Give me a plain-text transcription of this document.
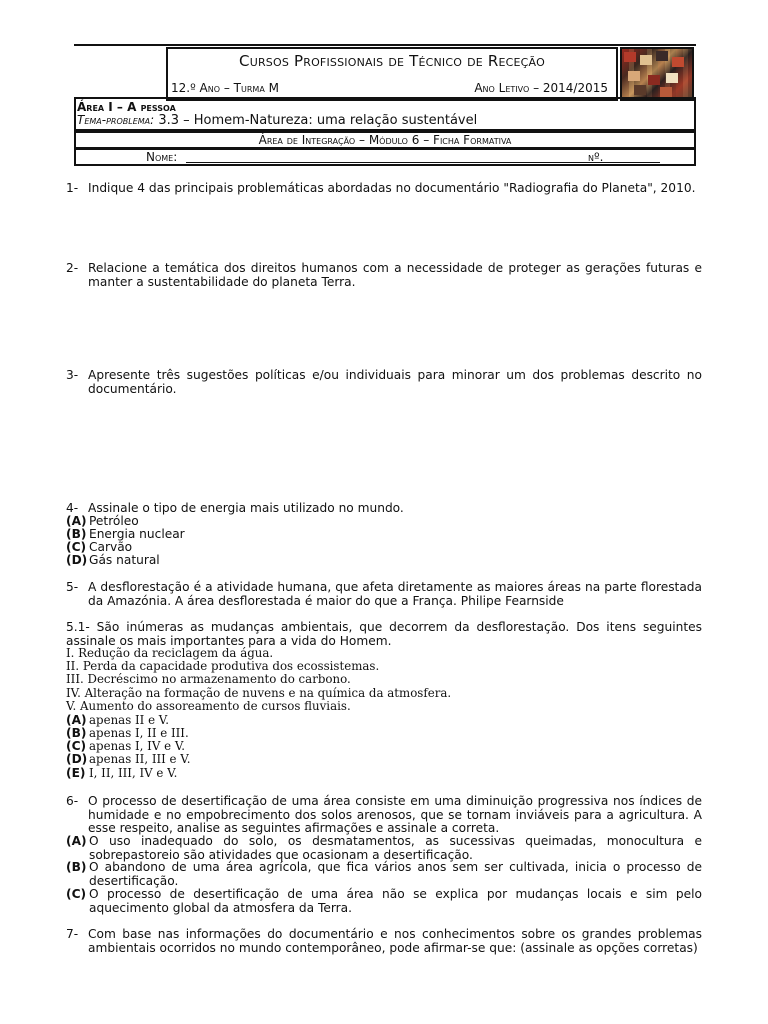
Cursos Profissionais de Técnico de Receção
12.º Ano – Turma M	Ano Letivo – 2014/2015
Área I – A pessoa
Tema-problema: 3.3 – Homem-Natureza: uma relação sustentável
Área de Integração – Módulo 6 – Ficha Formativa
Nome:	nº.
1- Indique 4 das principais problemáticas abordadas no documentário "Radiografia do Planeta", 2010.
2- Relacione a temática dos direitos humanos com a necessidade de proteger as gerações futuras e manter a sustentabilidade do planeta Terra.
3- Apresente três sugestões políticas e/ou individuais para minorar um dos problemas descrito no documentário.
4- Assinale o tipo de energia mais utilizado no mundo.
(A) Petróleo
(B) Energia nuclear
(C) Carvão
(D) Gás natural
5- A desflorestação é a atividade humana, que afeta diretamente as maiores áreas na parte florestada da Amazónia. A área desflorestada é maior do que a França. Philipe Fearnside
5.1- São inúmeras as mudanças ambientais, que decorrem da desflorestação. Dos itens seguintes assinale os mais importantes para a vida do Homem.
I. Redução da reciclagem da água.
II. Perda da capacidade produtiva dos ecossistemas.
III. Decréscimo no armazenamento do carbono.
IV. Alteração na formação de nuvens e na química da atmosfera.
V. Aumento do assoreamento de cursos fluviais.
(A) apenas II e V.
(B) apenas I, II e III.
(C) apenas I, IV e V.
(D) apenas II, III e V.
(E) I, II, III, IV e V.
6- O processo de desertificação de uma área consiste em uma diminuição progressiva nos índices de humidade e no empobrecimento dos solos arenosos, que se tornam inviáveis para a agricultura. A esse respeito, analise as seguintes afirmações e assinale a correta.
(A) O uso inadequado do solo, os desmatamentos, as sucessivas queimadas, monocultura e sobrepastoreio são atividades que ocasionam a desertificação.
(B) O abandono de uma área agrícola, que fica vários anos sem ser cultivada, inicia o processo de desertificação.
(C) O processo de desertificação de uma área não se explica por mudanças locais e sim pelo aquecimento global da atmosfera da Terra.
7- Com base nas informações do documentário e nos conhecimentos sobre os grandes problemas ambientais ocorridos no mundo contemporâneo, pode afirmar-se que: (assinale as opções corretas)
